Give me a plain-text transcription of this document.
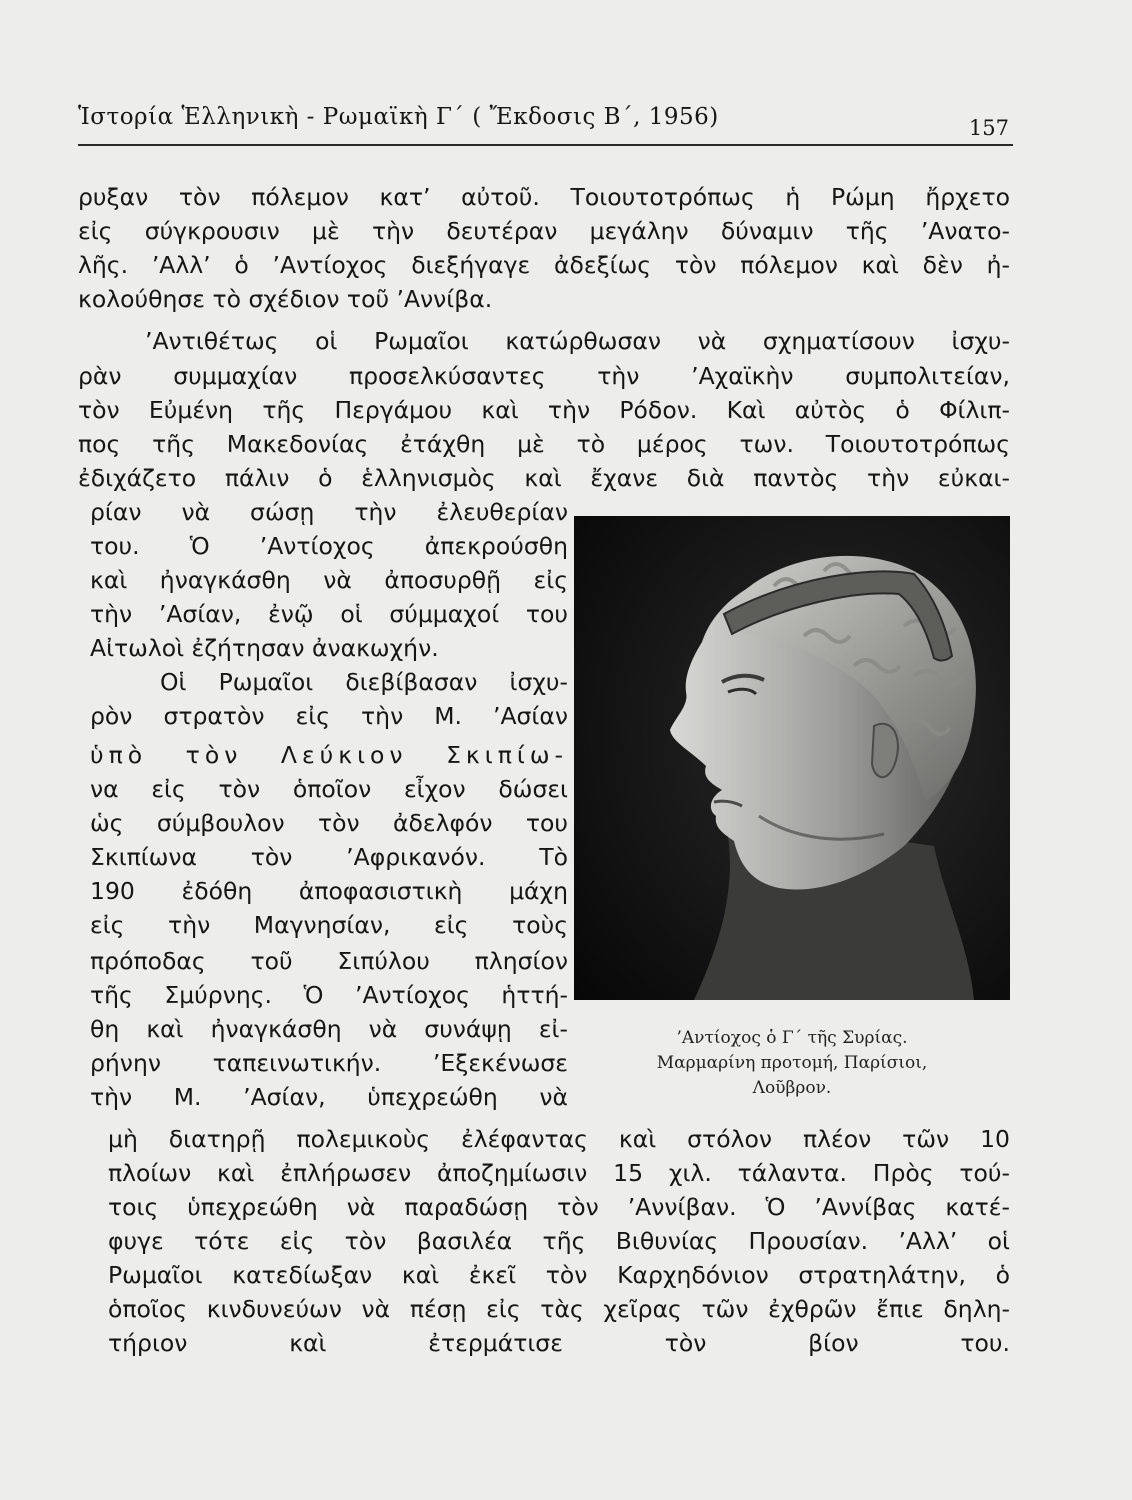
Ἱστορία Ἑλληνικὴ - Ρωμαϊκὴ Γ΄ ( Ἔκδοσις Β΄, 1956)	157

ρυξαν τὸν πόλεμον κατ’ αὐτοῦ. Τοιουτοτρόπως ἡ Ρώμη ἤρχετο

εἰς σύγκρουσιν μὲ τὴν δευτέραν μεγάλην δύναμιν τῆς ’Ανατο-

λῆς. ’Αλλ’ ὁ ’Αντίοχος διεξήγαγε ἀδεξίως τὸν πόλεμον καὶ δὲν ἠ-

κολούθησε τὸ σχέδιον τοῦ ’Αννίβα.

’Αντιθέτως οἱ Ρωμαῖοι κατώρθωσαν νὰ σχηματίσουν ἰσχυ-

ρὰν συμμαχίαν προσελκύσαντες τὴν ’Αχαϊκὴν συμπολιτείαν,

τὸν Εὐμένη τῆς Περγάμου καὶ τὴν Ρόδον. Καὶ αὐτὸς ὁ Φίλιπ-

πος τῆς Μακεδονίας ἐτάχθη μὲ τὸ μέρος των. Τοιουτοτρόπως

ἐδιχάζετο πάλιν ὁ ἑλληνισμὸς καὶ ἔχανε διὰ παντὸς τὴν εὐκαι-

ρίαν νὰ σώσῃ τὴν ἐλευθερίαν

του. Ὁ ’Αντίοχος ἀπεκρούσθη

καὶ ἠναγκάσθη νὰ ἀποσυρθῇ εἰς

τὴν ’Ασίαν, ἐνῷ οἱ σύμμαχοί του

Αἰτωλοὶ ἐζήτησαν ἀνακωχήν.

Οἱ Ρωμαῖοι διεβίβασαν ἰσχυ-

ρὸν στρατὸν εἰς τὴν Μ. ’Ασίαν

ὑπὸ τὸν Λεύκιον Σκιπίω-

να εἰς τὸν ὁποῖον εἶχον δώσει

ὡς σύμβουλον τὸν ἀδελφόν του

Σκιπίωνα τὸν ’Αφρικανόν. Τὸ

190 ἐδόθη ἀποφασιστικὴ μάχη

εἰς τὴν Μαγνησίαν, εἰς τοὺς

πρόποδας τοῦ Σιπύλου πλησίον

τῆς Σμύρνης. Ὁ ’Αντίοχος ἡττή-

θη καὶ ἠναγκάσθη νὰ συνάψῃ εἰ-

ρήνην ταπεινωτικήν. ’Εξεκένωσε

τὴν Μ. ’Ασίαν, ὑπεχρεώθη νὰ

μὴ διατηρῇ πολεμικοὺς ἐλέφαντας καὶ στόλον πλέον τῶν 10

πλοίων καὶ ἐπλήρωσεν ἀποζημίωσιν 15 χιλ. τάλαντα. Πρὸς τού-

τοις ὑπεχρεώθη νὰ παραδώσῃ τὸν ’Αννίβαν. Ὁ ’Αννίβας κατέ-

φυγε τότε εἰς τὸν βασιλέα τῆς Βιθυνίας Προυσίαν. ’Αλλ’ οἱ

Ρωμαῖοι κατεδίωξαν καὶ ἐκεῖ τὸν Καρχηδόνιον στρατηλάτην, ὁ

ὁποῖος κινδυνεύων νὰ πέσῃ εἰς τὰς χεῖρας τῶν ἐχθρῶν ἔπιε δηλη-

τήριον καὶ ἐτερμάτισε τὸν βίον του.

’Αντίοχος ὁ Γ΄ τῆς Συρίας.
Μαρμαρίνη προτομή, Παρίσιοι,
Λοῦβρον.
